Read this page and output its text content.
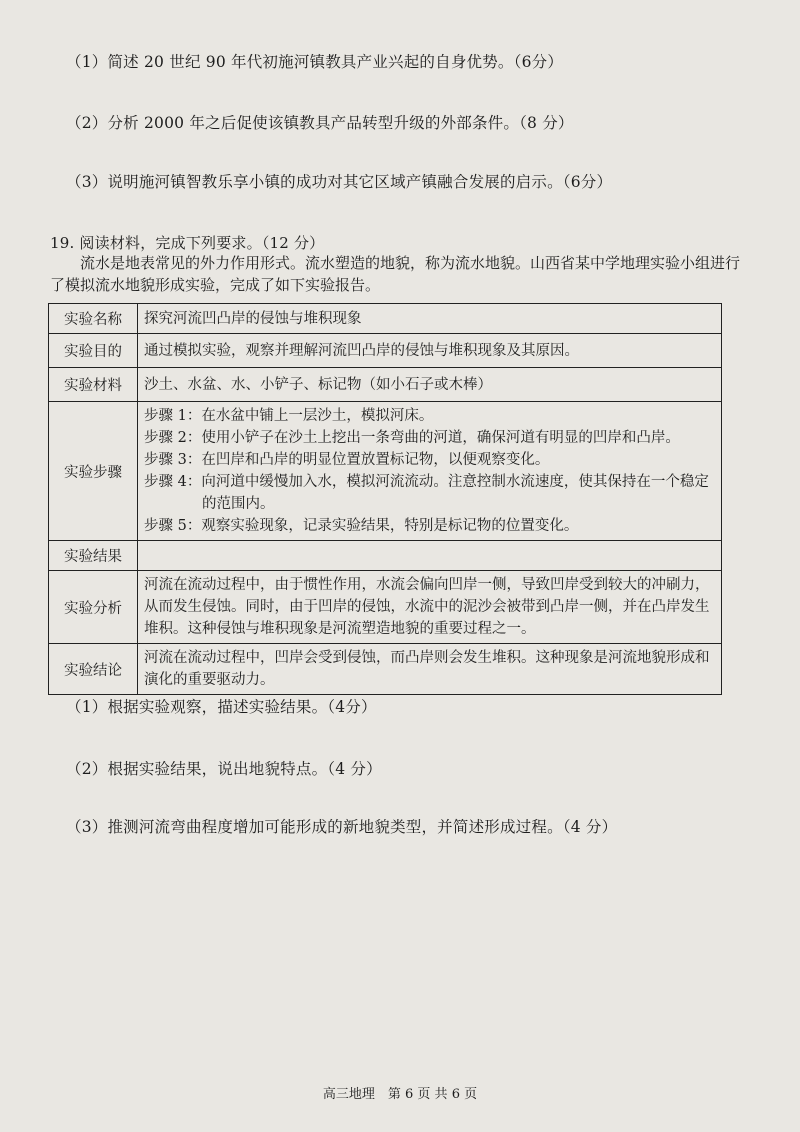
（1）简述 20 世纪 90 年代初施河镇教具产业兴起的自身优势。（6分）
（2）分析 2000 年之后促使该镇教具产品转型升级的外部条件。（8 分）
（3）说明施河镇智教乐享小镇的成功对其它区域产镇融合发展的启示。（6分）
19. 阅读材料，完成下列要求。（12 分）

流水是地表常见的外力作用形式。流水塑造的地貌，称为流水地貌。山西省某中学地理实验小组进行了模拟流水地貌形成实验，完成了如下实验报告。

实验名称	探究河流凹凸岸的侵蚀与堆积现象
实验目的	通过模拟实验，观察并理解河流凹凸岸的侵蚀与堆积现象及其原因。
实验材料	沙土、水盆、水、小铲子、标记物（如小石子或木棒）
实验步骤	步骤 1：在水盆中铺上一层沙土，模拟河床。
步骤 2：使用小铲子在沙土上挖出一条弯曲的河道，确保河道有明显的凹岸和凸岸。
步骤 3：在凹岸和凸岸的明显位置放置标记物，以便观察变化。
步骤 4：向河道中缓慢加入水，模拟河流流动。注意控制水流速度，使其保持在一个稳定的范围内。
步骤 5：观察实验现象，记录实验结果，特别是标记物的位置变化。

实验结果	
实验分析	河流在流动过程中，由于惯性作用，水流会偏向凹岸一侧，导致凹岸受到较大的冲刷力，从而发生侵蚀。同时，由于凹岸的侵蚀，水流中的泥沙会被带到凸岸一侧，并在凸岸发生堆积。这种侵蚀与堆积现象是河流塑造地貌的重要过程之一。
实验结论	河流在流动过程中，凹岸会受到侵蚀，而凸岸则会发生堆积。这种现象是河流地貌形成和演化的重要驱动力。
（1）根据实验观察，描述实验结果。（4分）
（2）根据实验结果，说出地貌特点。（4 分）
（3）推测河流弯曲程度增加可能形成的新地貌类型，并简述形成过程。（4 分）
高三地理　第 6 页 共 6 页
